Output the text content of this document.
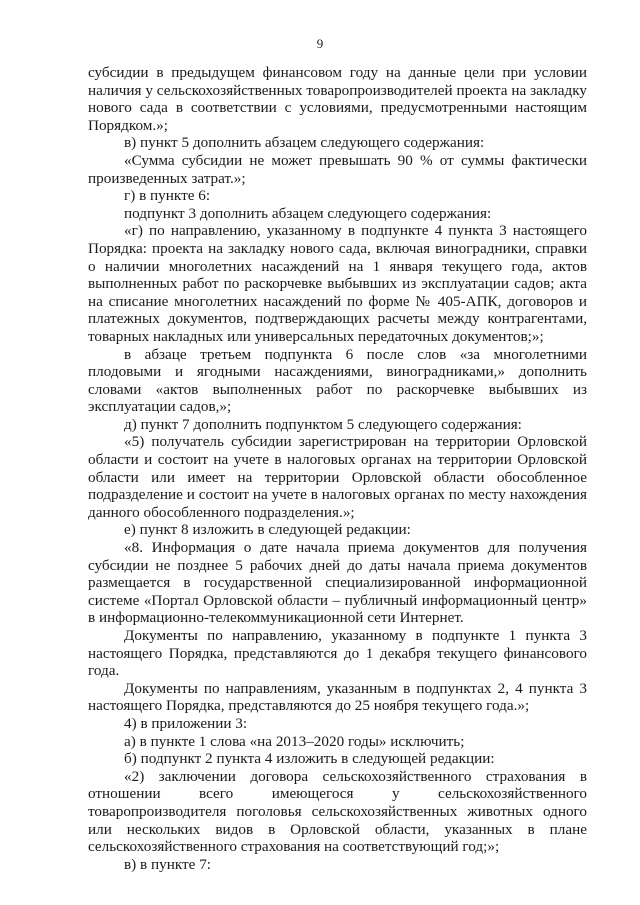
9

субсидии в предыдущем финансовом году на данные цели при условии наличия у сельскохозяйственных товаропроизводителей проекта на закладку нового сада в соответствии с условиями, предусмотренными настоящим Порядком.»;

в) пункт 5 дополнить абзацем следующего содержания:

«Сумма субсидии не может превышать 90 % от суммы фактически произведенных затрат.»;

г) в пункте 6:

подпункт 3 дополнить абзацем следующего содержания:

«г) по направлению, указанному в подпункте 4 пункта 3 настоящего Порядка: проекта на закладку нового сада, включая виноградники, справки о наличии многолетних насаждений на 1 января текущего года, актов выполненных работ по раскорчевке выбывших из эксплуатации садов; акта на списание многолетних насаждений по форме № 405-АПК, договоров и платежных документов, подтверждающих расчеты между контрагентами, товарных накладных или универсальных передаточных документов;»;

в абзаце третьем подпункта 6 после слов «за многолетними плодовыми и ягодными насаждениями, виноградниками,» дополнить словами «актов выполненных работ по раскорчевке выбывших из эксплуатации садов,»;

д) пункт 7 дополнить подпунктом 5 следующего содержания:

«5) получатель субсидии зарегистрирован на территории Орловской области и состоит на учете в налоговых органах на территории Орловской области или имеет на территории Орловской области обособленное подразделение и состоит на учете в налоговых органах по месту нахождения данного обособленного подразделения.»;

е) пункт 8 изложить в следующей редакции:

«8. Информация о дате начала приема документов для получения субсидии не позднее 5 рабочих дней до даты начала приема документов размещается в государственной специализированной информационной системе «Портал Орловской области – публичный информационный центр» в информационно-телекоммуникационной сети Интернет.

Документы по направлению, указанному в подпункте 1 пункта 3 настоящего Порядка, представляются до 1 декабря текущего финансового года.

Документы по направлениям, указанным в подпунктах 2, 4 пункта 3 настоящего Порядка, представляются до 25 ноября текущего года.»;

4) в приложении 3:

а) в пункте 1 слова «на 2013–2020 годы» исключить;

б) подпункт 2 пункта 4 изложить в следующей редакции:

«2) заключении договора сельскохозяйственного страхования в отношении всего имеющегося у сельскохозяйственного товаропроизводителя поголовья сельскохозяйственных животных одного или нескольких видов в Орловской области, указанных в плане сельскохозяйственного страхования на соответствующий год;»;

в) в пункте 7:
